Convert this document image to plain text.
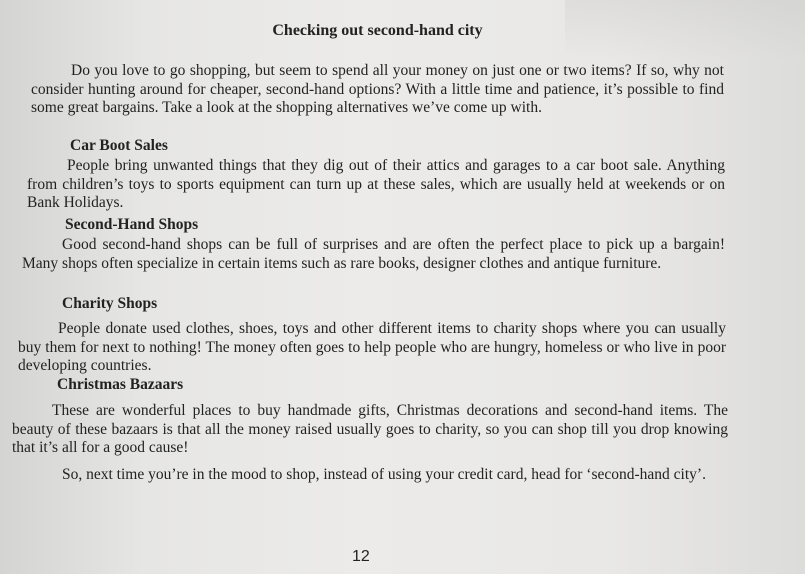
Checking out second-hand city

Do you love to go shopping, but seem to spend all your money on just one or two items? If so, why not consider hunting around for cheaper, second-hand options? With a little time and patience, it’s possible to find some great bargains. Take a look at the shopping alternatives we’ve come up with.

Car Boot Sales

People bring unwanted things that they dig out of their attics and garages to a car boot sale. Anything from children’s toys to sports equipment can turn up at these sales, which are usually held at weekends or on Bank Holidays.

Second-Hand Shops

Good second-hand shops can be full of surprises and are often the perfect place to pick up a bargain! Many shops often specialize in certain items such as rare books, designer clothes and antique furniture.

Charity Shops

People donate used clothes, shoes, toys and other different items to charity shops where you can usually buy them for next to nothing! The money often goes to help people who are hungry, homeless or who live in poor developing countries.

Christmas Bazaars

These are wonderful places to buy handmade gifts, Christmas decorations and second-hand items. The beauty of these bazaars is that all the money raised usually goes to charity, so you can shop till you drop knowing that it’s all for a good cause!

So, next time you’re in the mood to shop, instead of using your credit card, head for ‘second-hand city’.

12
